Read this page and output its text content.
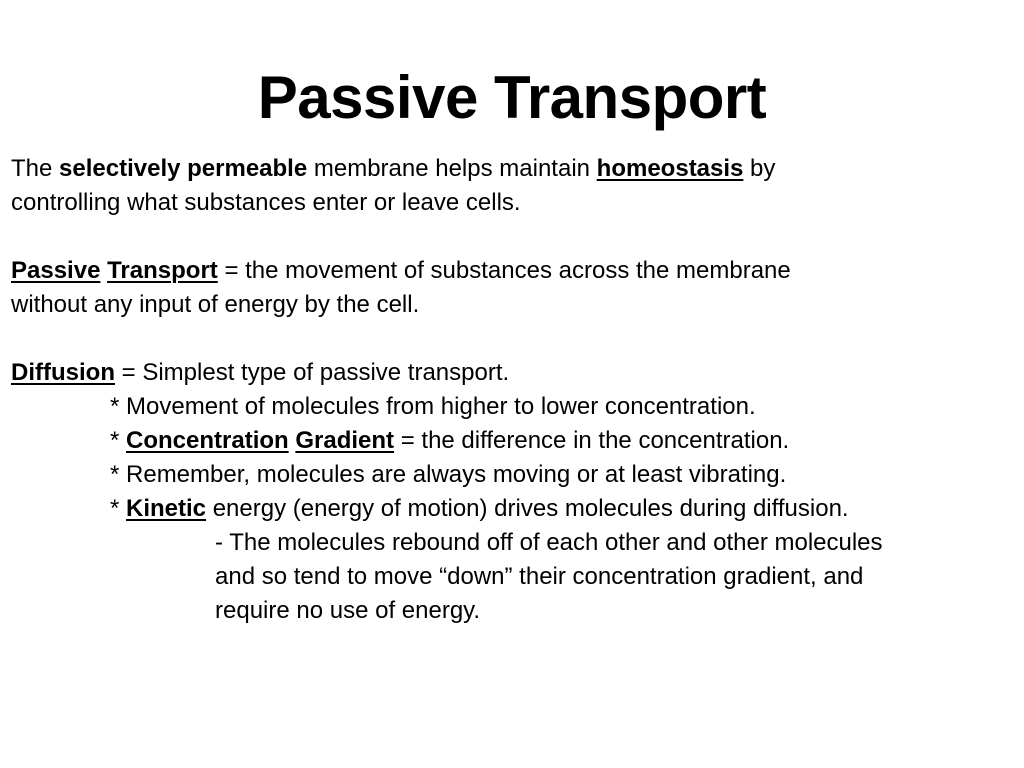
Passive Transport

The selectively permeable membrane helps maintain homeostasis by

controlling what substances enter or leave cells.

Passive Transport = the movement of substances across the membrane

without any input of energy by the cell.

Diffusion = Simplest type of passive transport.

* Movement of molecules from higher to lower concentration.

* Concentration Gradient = the difference in the concentration.

* Remember, molecules are always moving or at least vibrating.

* Kinetic energy (energy of motion) drives molecules during diffusion.

- The molecules rebound off of each other and other molecules

and so tend to move “down” their concentration gradient, and

require no use of energy.
